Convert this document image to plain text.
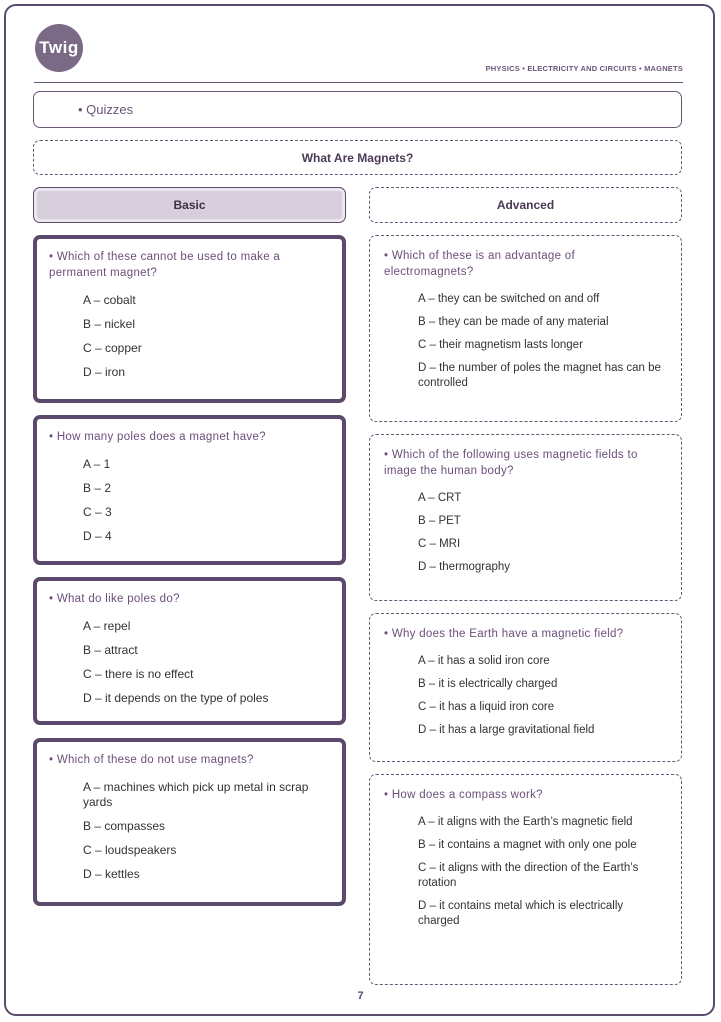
Twig
PHYSICS • ELECTRICITY AND CIRCUITS • MAGNETS
• Quizzes
What Are Magnets?
Basic	Advanced
• Which of these cannot be used to make a permanent magnet?
A – cobalt
B – nickel
C – copper
D – iron
• How many poles does a magnet have?
A – 1
B – 2
C – 3
D – 4
• What do like poles do?
A – repel
B – attract
C – there is no effect
D – it depends on the type of poles
• Which of these do not use magnets?
A – machines which pick up metal in scrap yards
B – compasses
C – loudspeakers
D – kettles
• Which of these is an advantage of electromagnets?
A – they can be switched on and off
B – they can be made of any material
C – their magnetism lasts longer
D – the number of poles the magnet has can be controlled
• Which of the following uses magnetic fields to image the human body?
A – CRT
B – PET
C – MRI
D – thermography
• Why does the Earth have a magnetic field?
A – it has a solid iron core
B – it is electrically charged
C – it has a liquid iron core
D – it has a large gravitational field
• How does a compass work?
A – it aligns with the Earth’s magnetic field
B – it contains a magnet with only one pole
C – it aligns with the direction of the Earth’s rotation
D – it contains metal which is electrically charged
7
